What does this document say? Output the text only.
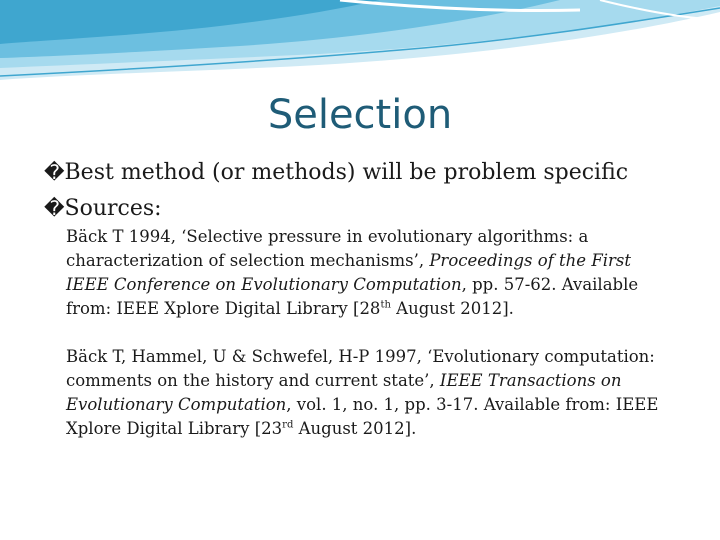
Selection
�Best method (or methods) will be problem specific
�Sources:
Bäck T 1994, ‘Selective pressure in evolutionary algorithms: a
characterization of selection mechanisms’, Proceedings of the First
IEEE Conference on Evolutionary Computation, pp. 57-62. Available
from: IEEE Xplore Digital Library [28th August 2012].
Bäck T, Hammel, U & Schwefel, H-P 1997, ‘Evolutionary computation:
comments on the history and current state’, IEEE Transactions on
Evolutionary Computation, vol. 1, no. 1, pp. 3-17. Available from: IEEE
Xplore Digital Library [23rd August 2012].
